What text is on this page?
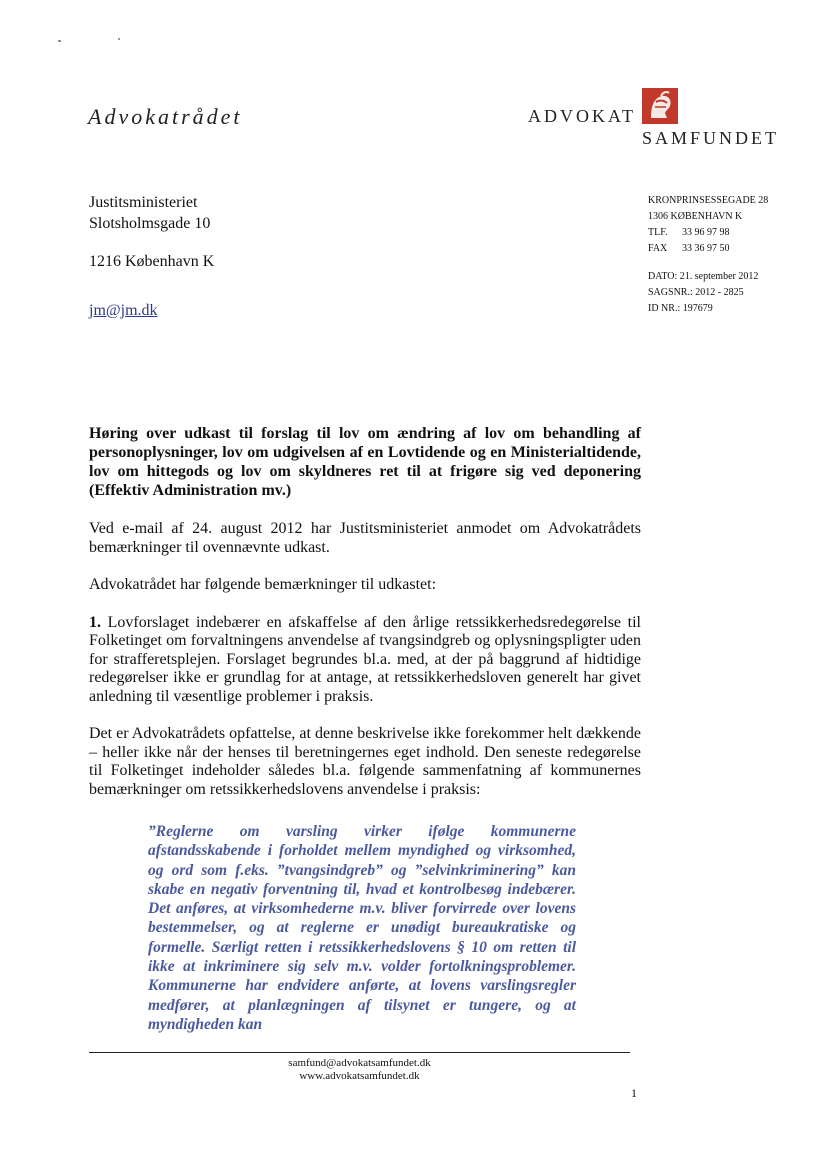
Advokatrådet	ADVOKAT
SAMFUNDET
Justitsministeriet
Slotsholmsgade 10
1216 København K
jm@jm.dk
KRONPRINSESSEGADE 28
1306 KØBENHAVN K
TLF. 33 96 97 98
FAX 33 36 97 50
DATO: 21. september 2012
SAGSNR.: 2012 - 2825
ID NR.: 197679

Høring over udkast til forslag til lov om ændring af lov om behandling af personoplysninger, lov om udgivelsen af en Lovtidende og en Ministerialtidende, lov om hittegods og lov om skyldneres ret til at frigøre sig ved deponering (Effektiv Administration mv.)

Ved e-mail af 24. august 2012 har Justitsministeriet anmodet om Advokatrådets bemærkninger til ovennævnte udkast.

Advokatrådet har følgende bemærkninger til udkastet:

1. Lovforslaget indebærer en afskaffelse af den årlige retssikkerhedsredegørelse til Folketinget om forvaltningens anvendelse af tvangsindgreb og oplysningspligter uden for strafferetsplejen. Forslaget begrundes bl.a. med, at der på baggrund af hidtidige redegørelser ikke er grundlag for at antage, at retssikkerhedsloven generelt har givet anledning til væsentlige problemer i praksis.

Det er Advokatrådets opfattelse, at denne beskrivelse ikke forekommer helt dækkende – heller ikke når der henses til beretningernes eget indhold. Den seneste redegørelse til Folketinget indeholder således bl.a. følgende sammenfatning af kommunernes bemærkninger om retssikkerhedslovens anvendelse i praksis:

”Reglerne om varsling virker ifølge kommunerne afstandsskabende i forholdet mellem myndighed og virksomhed, og ord som f.eks. ”tvangsindgreb” og ”selvinkriminering” kan skabe en negativ forventning til, hvad et kontrolbesøg indebærer. Det anføres, at virksomhederne m.v. bliver forvirrede over lovens bestemmelser, og at reglerne er unødigt bureaukratiske og formelle. Særligt retten i retssikkerhedslovens § 10 om retten til ikke at inkriminere sig selv m.v. volder fortolkningsproblemer. Kommunerne har endvidere anførte, at lovens varslingsregler medfører, at planlægningen af tilsynet er tungere, og at myndigheden kan
samfund@advokatsamfundet.dk
www.advokatsamfundet.dk
1
